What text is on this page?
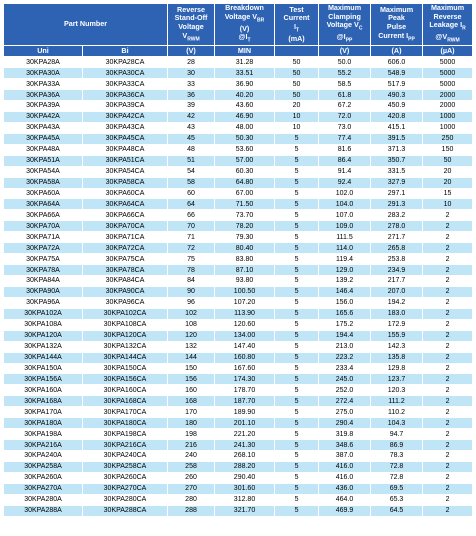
Part Number		Reverse
Stand-Off
Voltage
$V_{RWM}$	Breakdown
Voltage $V_{BR}$
(V)
$@I_T$	Test
Current
$I_T$
(mA)	Maximum
Clamping
Voltage $V_C$
$@I_{PP}$	Maximum
Peak
Pulse
Current $I_{PP}$	Maximum
Reverse
Leakage $I_R$
$@V_{RWM}$
Uni	Bi	(V)	MIN		(V)	(A)	(µA)
30KPA28A	30KPA28CA	28	31.28	50	50.0	606.0	5000
30KPA30A	30KPA30CA	30	33.51	50	55.2	548.9	5000
30KPA33A	30KPA33CA	33	36.90	50	58.5	517.9	5000
30KPA36A	30KPA36CA	36	40.20	50	61.8	490.3	2000
30KPA39A	30KPA39CA	39	43.60	20	67.2	450.9	2000
30KPA42A	30KPA42CA	42	46.90	10	72.0	420.8	1000
30KPA43A	30KPA43CA	43	48.00	10	73.0	415.1	1000
30KPA45A	30KPA45CA	45	50.30	5	77.4	391.5	250
30KPA48A	30KPA48CA	48	53.60	5	81.6	371.3	150
30KPA51A	30KPA51CA	51	57.00	5	86.4	350.7	50
30KPA54A	30KPA54CA	54	60.30	5	91.4	331.5	20
30KPA58A	30KPA58CA	58	64.80	5	92.4	327.9	20
30KPA60A	30KPA60CA	60	67.00	5	102.0	297.1	15
30KPA64A	30KPA64CA	64	71.50	5	104.0	291.3	10
30KPA66A	30KPA66CA	66	73.70	5	107.0	283.2	2
30KPA70A	30KPA70CA	70	78.20	5	109.0	278.0	2
30KPA71A	30KPA71CA	71	79.30	5	111.5	271.7	2
30KPA72A	30KPA72CA	72	80.40	5	114.0	265.8	2
30KPA75A	30KPA75CA	75	83.80	5	119.4	253.8	2
30KPA78A	30KPA78CA	78	87.10	5	129.0	234.9	2
30KPA84A	30KPA84CA	84	93.80	5	139.2	217.7	2
30KPA90A	30KPA90CA	90	100.50	5	146.4	207.0	2
30KPA96A	30KPA96CA	96	107.20	5	156.0	194.2	2
30KPA102A	30KPA102CA	102	113.90	5	165.6	183.0	2
30KPA108A	30KPA108CA	108	120.60	5	175.2	172.9	2
30KPA120A	30KPA120CA	120	134.00	5	194.4	155.9	2
30KPA132A	30KPA132CA	132	147.40	5	213.0	142.3	2
30KPA144A	30KPA144CA	144	160.80	5	223.2	135.8	2
30KPA150A	30KPA150CA	150	167.60	5	233.4	129.8	2
30KPA156A	30KPA156CA	156	174.30	5	245.0	123.7	2
30KPA160A	30KPA160CA	160	178.70	5	252.0	120.3	2
30KPA168A	30KPA168CA	168	187.70	5	272.4	111.2	2
30KPA170A	30KPA170CA	170	189.90	5	275.0	110.2	2
30KPA180A	30KPA180CA	180	201.10	5	290.4	104.3	2
30KPA198A	30KPA198CA	198	221.20	5	319.8	94.7	2
30KPA216A	30KPA216CA	216	241.30	5	348.6	86.9	2
30KPA240A	30KPA240CA	240	268.10	5	387.0	78.3	2
30KPA258A	30KPA258CA	258	288.20	5	416.0	72.8	2
30KPA260A	30KPA260CA	260	290.40	5	416.0	72.8	2
30KPA270A	30KPA270CA	270	301.60	5	436.0	69.5	2
30KPA280A	30KPA280CA	280	312.80	5	464.0	65.3	2
30KPA288A	30KPA288CA	288	321.70	5	469.9	64.5	2
